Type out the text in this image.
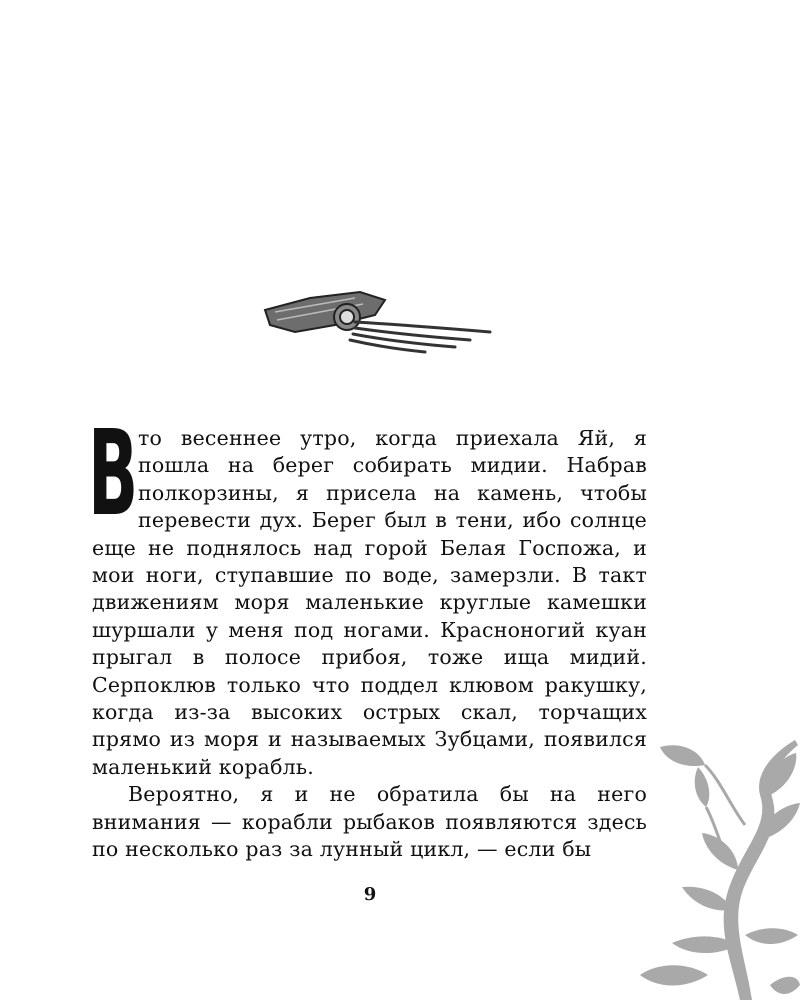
Вто весеннее утро, когда приехала Яй, я пошла на берег собирать мидии. Набрав полкорзины, я присела на камень, чтобы перевести дух. Берег был в тени, ибо солнце еще не поднялось над горой Белая Госпожа, и мои ноги, ступавшие по воде, замерзли. В такт движениям моря маленькие круглые камешки шуршали у меня под ногами. Красноногий куан прыгал в полосе прибоя, тоже ища мидий. Серпоклюв только что поддел клювом ракушку, когда из-за высоких острых скал, торчащих прямо из моря и называемых Зубцами, появился маленький корабль.

Вероятно, я и не обратила бы на него внимания — корабли рыбаков появляются здесь по несколько раз за лунный цикл, — если бы

9
